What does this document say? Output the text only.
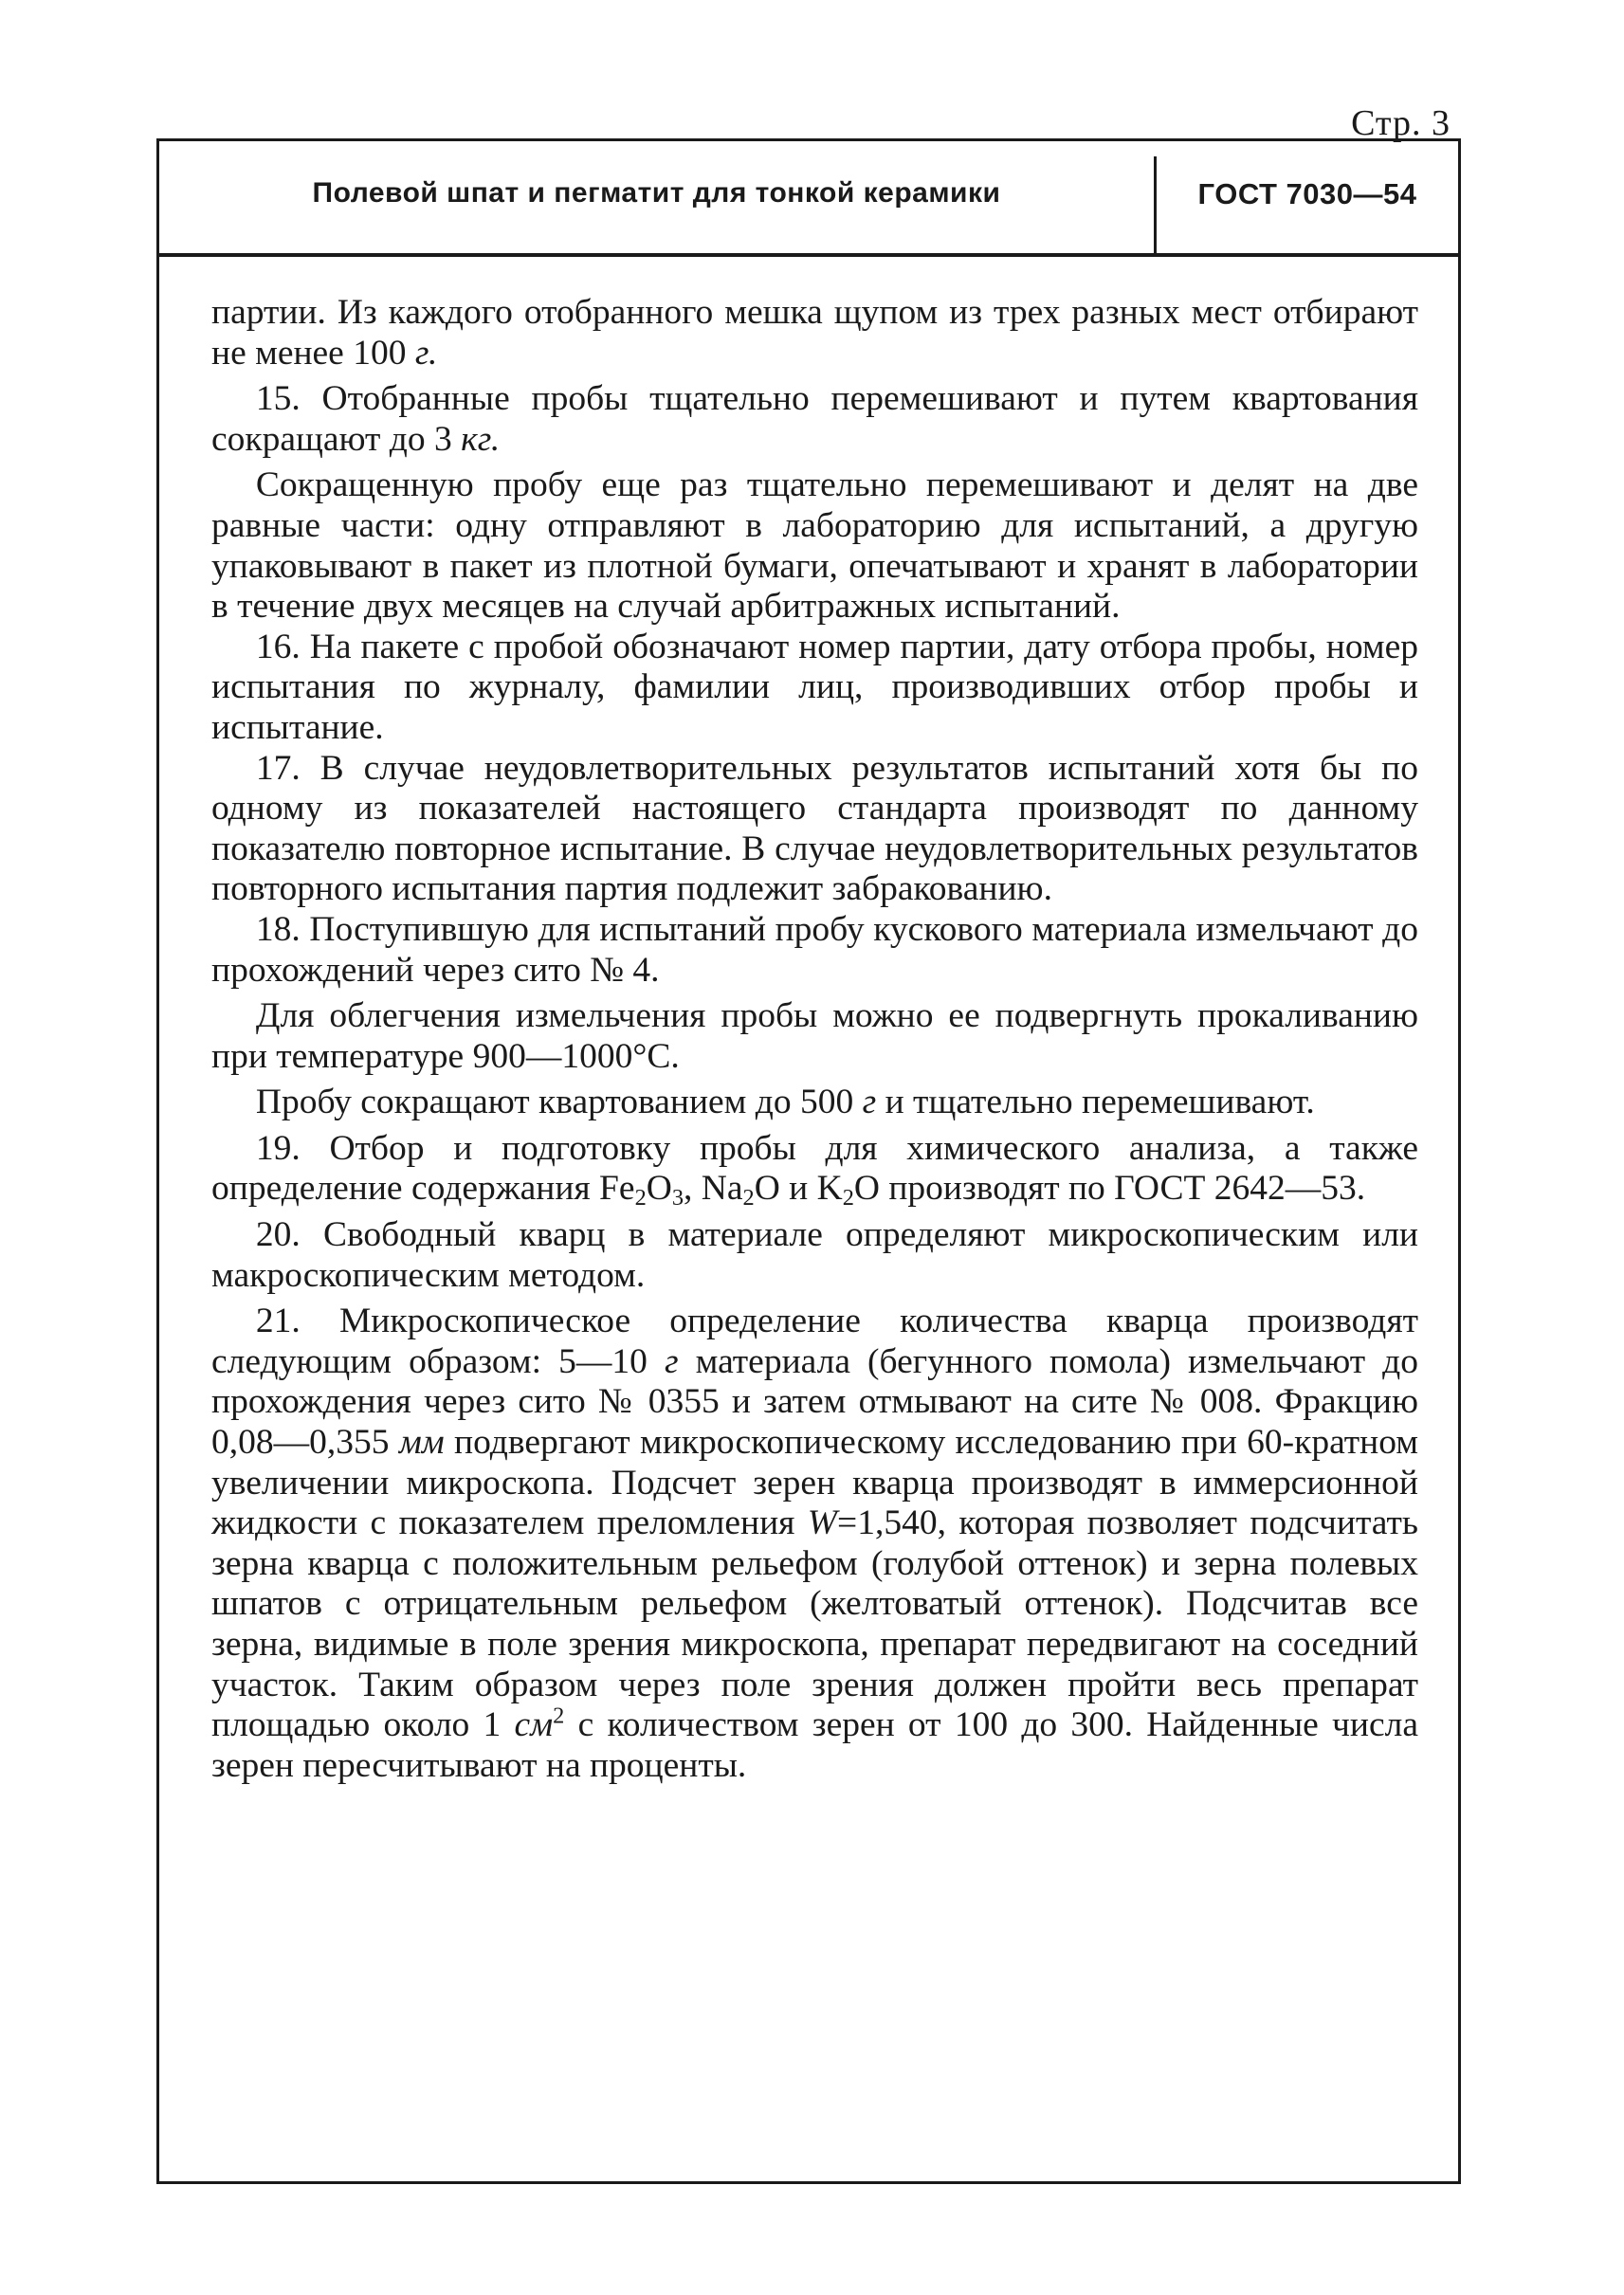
Стр. 3
Полевой шпат и пегматит для тонкой керамики	ГОСТ 7030—54

партии. Из каждого отобранного мешка щупом из трех разных мест отбирают не менее 100 г.

15. Отобранные пробы тщательно перемешивают и путем квартования сокращают до 3 кг.

Сокращенную пробу еще раз тщательно перемешивают и делят на две равные части: одну отправляют в лабораторию для испытаний, а другую упаковывают в пакет из плотной бумаги, опечатывают и хранят в лаборатории в течение двух месяцев на случай арбитражных испытаний.

16. На пакете с пробой обозначают номер партии, дату отбора пробы, номер испытания по журналу, фамилии лиц, производивших отбор пробы и испытание.

17. В случае неудовлетворительных результатов испытаний хотя бы по одному из показателей настоящего стандарта производят по данному показателю повторное испытание. В случае неудовлетворительных результатов повторного испытания партия подлежит забракованию.

18. Поступившую для испытаний пробу кускового материала измельчают до прохождений через сито № 4.

Для облегчения измельчения пробы можно ее подвергнуть прокаливанию при температуре 900—1000°С.

Пробу сокращают квартованием до 500 г и тщательно перемешивают.

19. Отбор и подготовку пробы для химического анализа, а также определение содержания $Fe_2O_3$, $Na_2O$ и $K_2O$ производят по ГОСТ 2642—53.

20. Свободный кварц в материале определяют микроскопическим или макроскопическим методом.

21. Микроскопическое определение количества кварца производят следующим образом: 5—10 г материала (бегунного помола) измельчают до прохождения через сито № 0355 и затем отмывают на сите № 008. Фракцию 0,08—0,355 мм подвергают микроскопическому исследованию при 60-кратном увеличении микроскопа. Подсчет зерен кварца производят в иммерсионной жидкости с показателем преломления W=1,540, которая позволяет подсчитать зерна кварца с положительным рельефом (голубой оттенок) и зерна полевых шпатов с отрицательным рельефом (желтоватый оттенок). Подсчитав все зерна, видимые в поле зрения микроскопа, препарат передвигают на соседний участок. Таким образом через поле зрения должен пройти весь препарат площадью около 1 $см^2$ с количеством зерен от 100 до 300. Найденные числа зерен пересчитывают на проценты.
